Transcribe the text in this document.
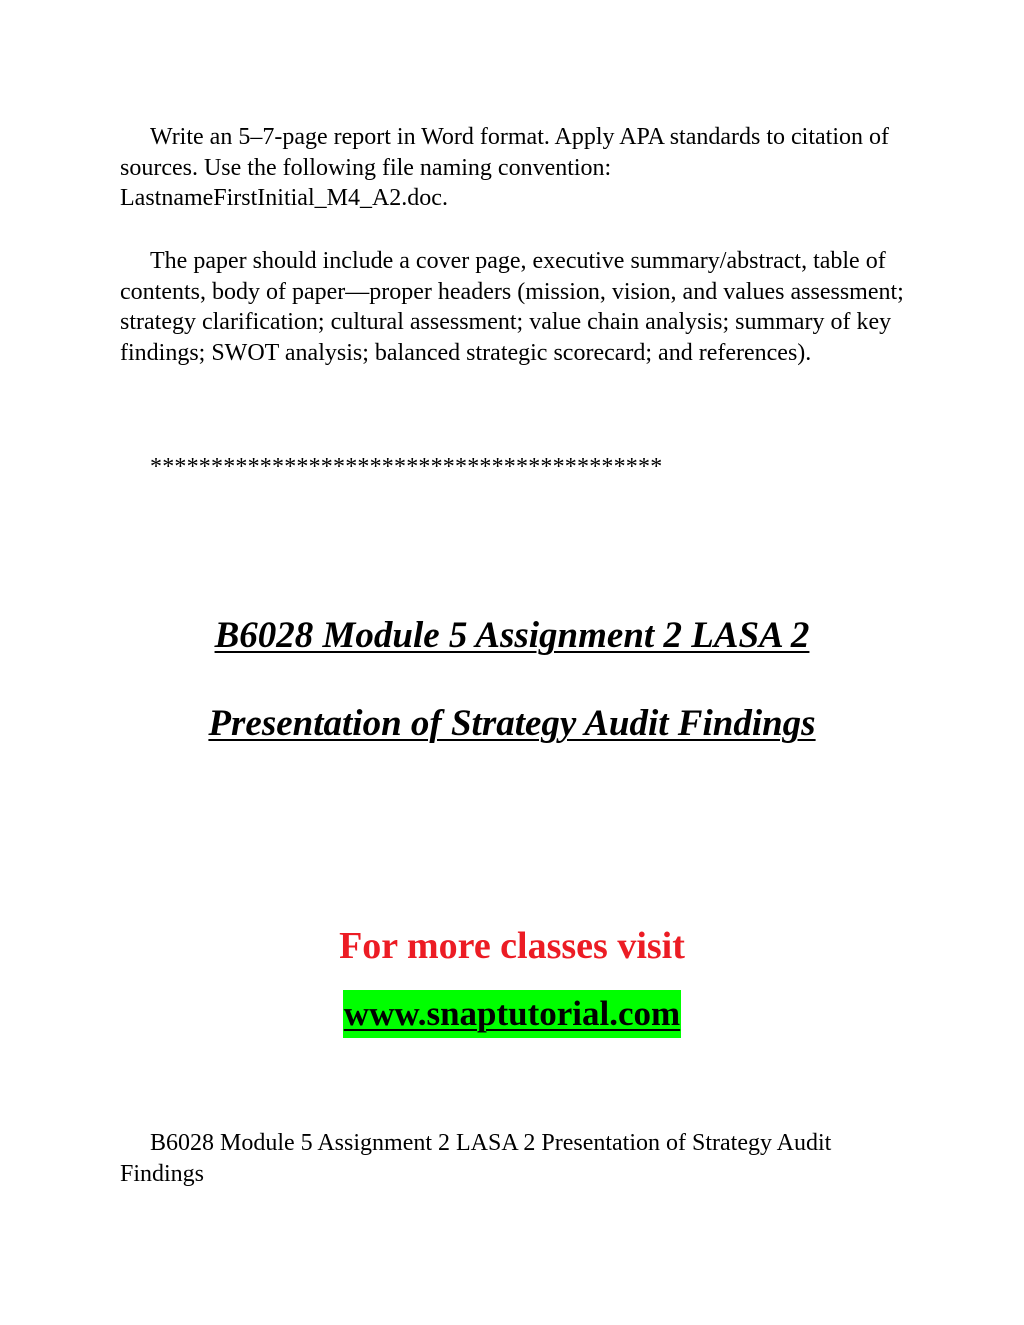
Write an 5–7-page report in Word format. Apply APA standards to citation of sources. Use the following file naming convention: LastnameFirstInitial_M4_A2.doc.

The paper should include a cover page, executive summary/abstract, table of contents, body of paper—proper headers (mission, vision, and values assessment; strategy clarification; cultural assessment; value chain analysis; summary of key findings; SWOT analysis; balanced strategic scorecard; and references).

******************************************

B6028 Module 5 Assignment 2 LASA 2
Presentation of Strategy Audit Findings

For more classes visit

www.snaptutorial.com

B6028 Module 5 Assignment 2 LASA 2 Presentation of Strategy Audit Findings
